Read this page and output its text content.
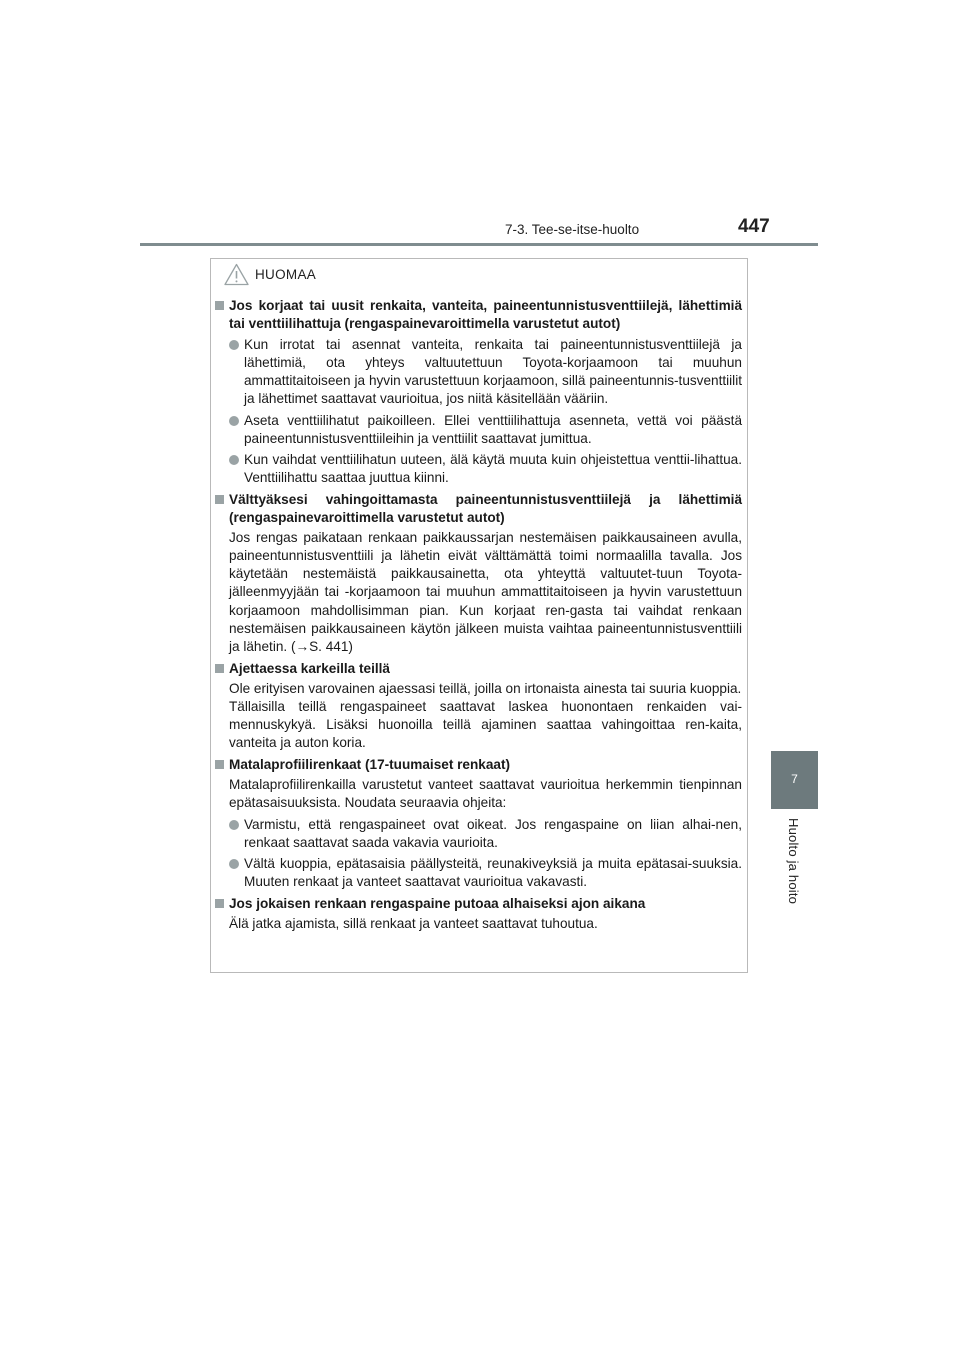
7-3. Tee-se-itse-huolto	447
7
Huolto ja hoito
HUOMAA
Jos korjaat tai uusit renkaita, vanteita, paineentunnistusventtiilejä, lähettimiä tai venttiilihattuja (rengaspainevaroittimella varustetut autot)
Kun irrotat tai asennat vanteita, renkaita tai paineentunnistusventtiilejä ja lähettimiä, ota yhteys valtuutettuun Toyota-korjaamoon tai muuhun ammattitaitoiseen ja hyvin varustettuun korjaamoon, sillä paineentunnis-tusventtiilit ja lähettimet saattavat vaurioitua, jos niitä käsitellään vääriin.
Aseta venttiilihatut paikoilleen. Ellei venttiilihattuja asenneta, vettä voi päästä paineentunnistusventtiileihin ja venttiilit saattavat jumittua.
Kun vaihdat venttiilihatun uuteen, älä käytä muuta kuin ohjeistettua venttii-lihattua. Venttiilihattu saattaa juuttua kiinni.
Välttyäksesi vahingoittamasta paineentunnistusventtiilejä ja lähettimiä (rengaspainevaroittimella varustetut autot)
Jos rengas paikataan renkaan paikkaussarjan nestemäisen paikkausaineen avulla, paineentunnistusventtiili ja lähetin eivät välttämättä toimi normaalilla tavalla. Jos käytetään nestemäistä paikkausainetta, ota yhteyttä valtuutet-tuun Toyota-jälleenmyyjään tai -korjaamoon tai muuhun ammattitaitoiseen ja hyvin varustettuun korjaamoon mahdollisimman pian. Kun korjaat ren-gasta tai vaihdat renkaan nestemäisen paikkausaineen käytön jälkeen muista vaihtaa paineentunnistusventtiili ja lähetin. (→S. 441)
Ajettaessa karkeilla teillä
Ole erityisen varovainen ajaessasi teillä, joilla on irtonaista ainesta tai suuria kuoppia.
Tällaisilla teillä rengaspaineet saattavat laskea huonontaen renkaiden vai-mennuskykyä. Lisäksi huonoilla teillä ajaminen saattaa vahingoittaa ren-kaita, vanteita ja auton koria.
Matalaprofiilirenkaat (17-tuumaiset renkaat)
Matalaprofiilirenkailla varustetut vanteet saattavat vaurioitua herkemmin tienpinnan epätasaisuuksista. Noudata seuraavia ohjeita:
Varmistu, että rengaspaineet ovat oikeat. Jos rengaspaine on liian alhai-nen, renkaat saattavat saada vakavia vaurioita.
Vältä kuoppia, epätasaisia päällysteitä, reunakiveyksiä ja muita epätasai-suuksia. Muuten renkaat ja vanteet saattavat vaurioitua vakavasti.
Jos jokaisen renkaan rengaspaine putoaa alhaiseksi ajon aikana
Älä jatka ajamista, sillä renkaat ja vanteet saattavat tuhoutua.
